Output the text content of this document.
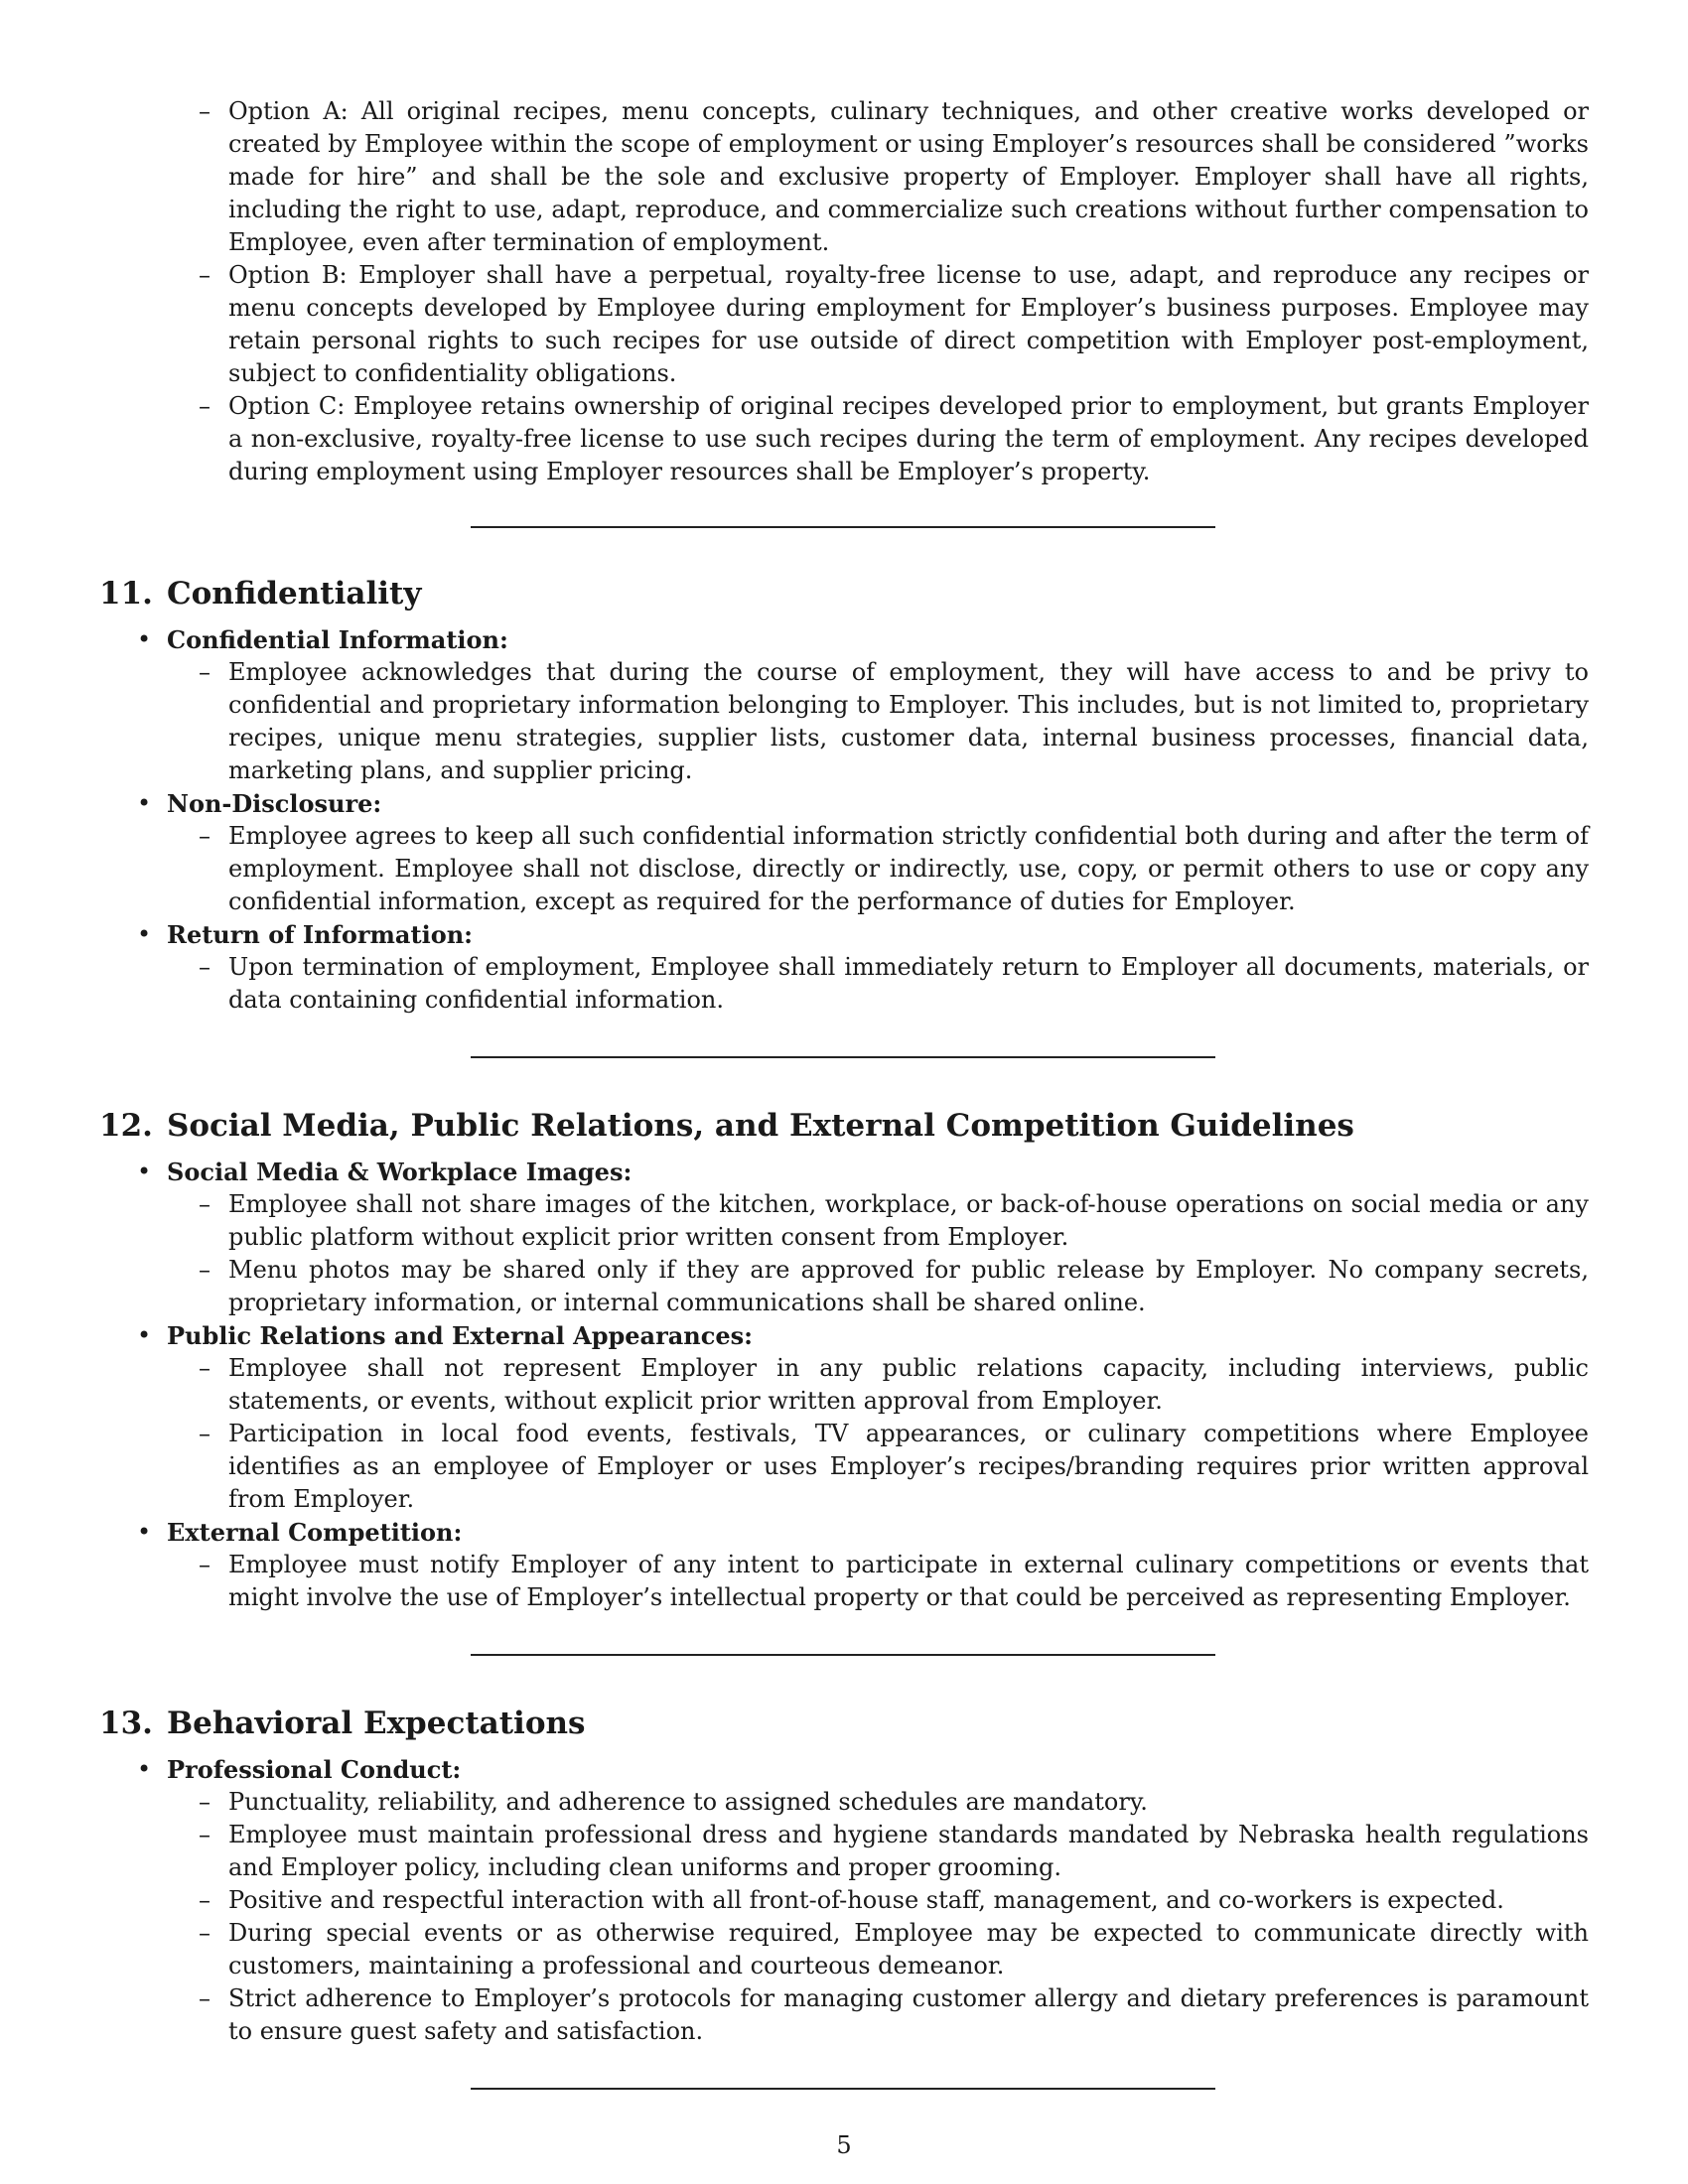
– Option A: All original recipes, menu concepts, culinary techniques, and other creative works developed or created by Employee within the scope of employment or using Employer’s resources shall be considered ”works made for hire” and shall be the sole and exclusive property of Employer. Employer shall have all rights, including the right to use, adapt, reproduce, and commercialize such creations without further compensation to Employee, even after termination of employment.
– Option B: Employer shall have a perpetual, royalty-free license to use, adapt, and reproduce any recipes or menu concepts developed by Employee during employment for Employer’s business purposes. Employee may retain personal rights to such recipes for use outside of direct competition with Employer post-employment, subject to confidentiality obligations.
– Option C: Employee retains ownership of original recipes developed prior to employment, but grants Employer a non-exclusive, royalty-free license to use such recipes during the term of employment. Any recipes developed during employment using Employer resources shall be Employer’s property.
11. Confidentiality
• Confidential Information:
– Employee acknowledges that during the course of employment, they will have access to and be privy to confidential and proprietary information belonging to Employer. This includes, but is not limited to, proprietary recipes, unique menu strategies, supplier lists, customer data, internal business processes, financial data, marketing plans, and supplier pricing.
• Non-Disclosure:
– Employee agrees to keep all such confidential information strictly confidential both during and after the term of employment. Employee shall not disclose, directly or indirectly, use, copy, or permit others to use or copy any confidential information, except as required for the performance of duties for Employer.
• Return of Information:
– Upon termination of employment, Employee shall immediately return to Employer all documents, materials, or data containing confidential information.
12. Social Media, Public Relations, and External Competition Guidelines
• Social Media & Workplace Images:
– Employee shall not share images of the kitchen, workplace, or back-of-house operations on social media or any public platform without explicit prior written consent from Employer.
– Menu photos may be shared only if they are approved for public release by Employer. No company secrets, proprietary information, or internal communications shall be shared online.
• Public Relations and External Appearances:
– Employee shall not represent Employer in any public relations capacity, including interviews, public statements, or events, without explicit prior written approval from Employer.
– Participation in local food events, festivals, TV appearances, or culinary competitions where Employee identifies as an employee of Employer or uses Employer’s recipes/branding requires prior written approval from Employer.
• External Competition:
– Employee must notify Employer of any intent to participate in external culinary competitions or events that might involve the use of Employer’s intellectual property or that could be perceived as representing Employer.
13. Behavioral Expectations
• Professional Conduct:
– Punctuality, reliability, and adherence to assigned schedules are mandatory.
– Employee must maintain professional dress and hygiene standards mandated by Nebraska health regulations and Employer policy, including clean uniforms and proper grooming.
– Positive and respectful interaction with all front-of-house staff, management, and co-workers is expected.
– During special events or as otherwise required, Employee may be expected to communicate directly with customers, maintaining a professional and courteous demeanor.
– Strict adherence to Employer’s protocols for managing customer allergy and dietary preferences is paramount to ensure guest safety and satisfaction.
5
